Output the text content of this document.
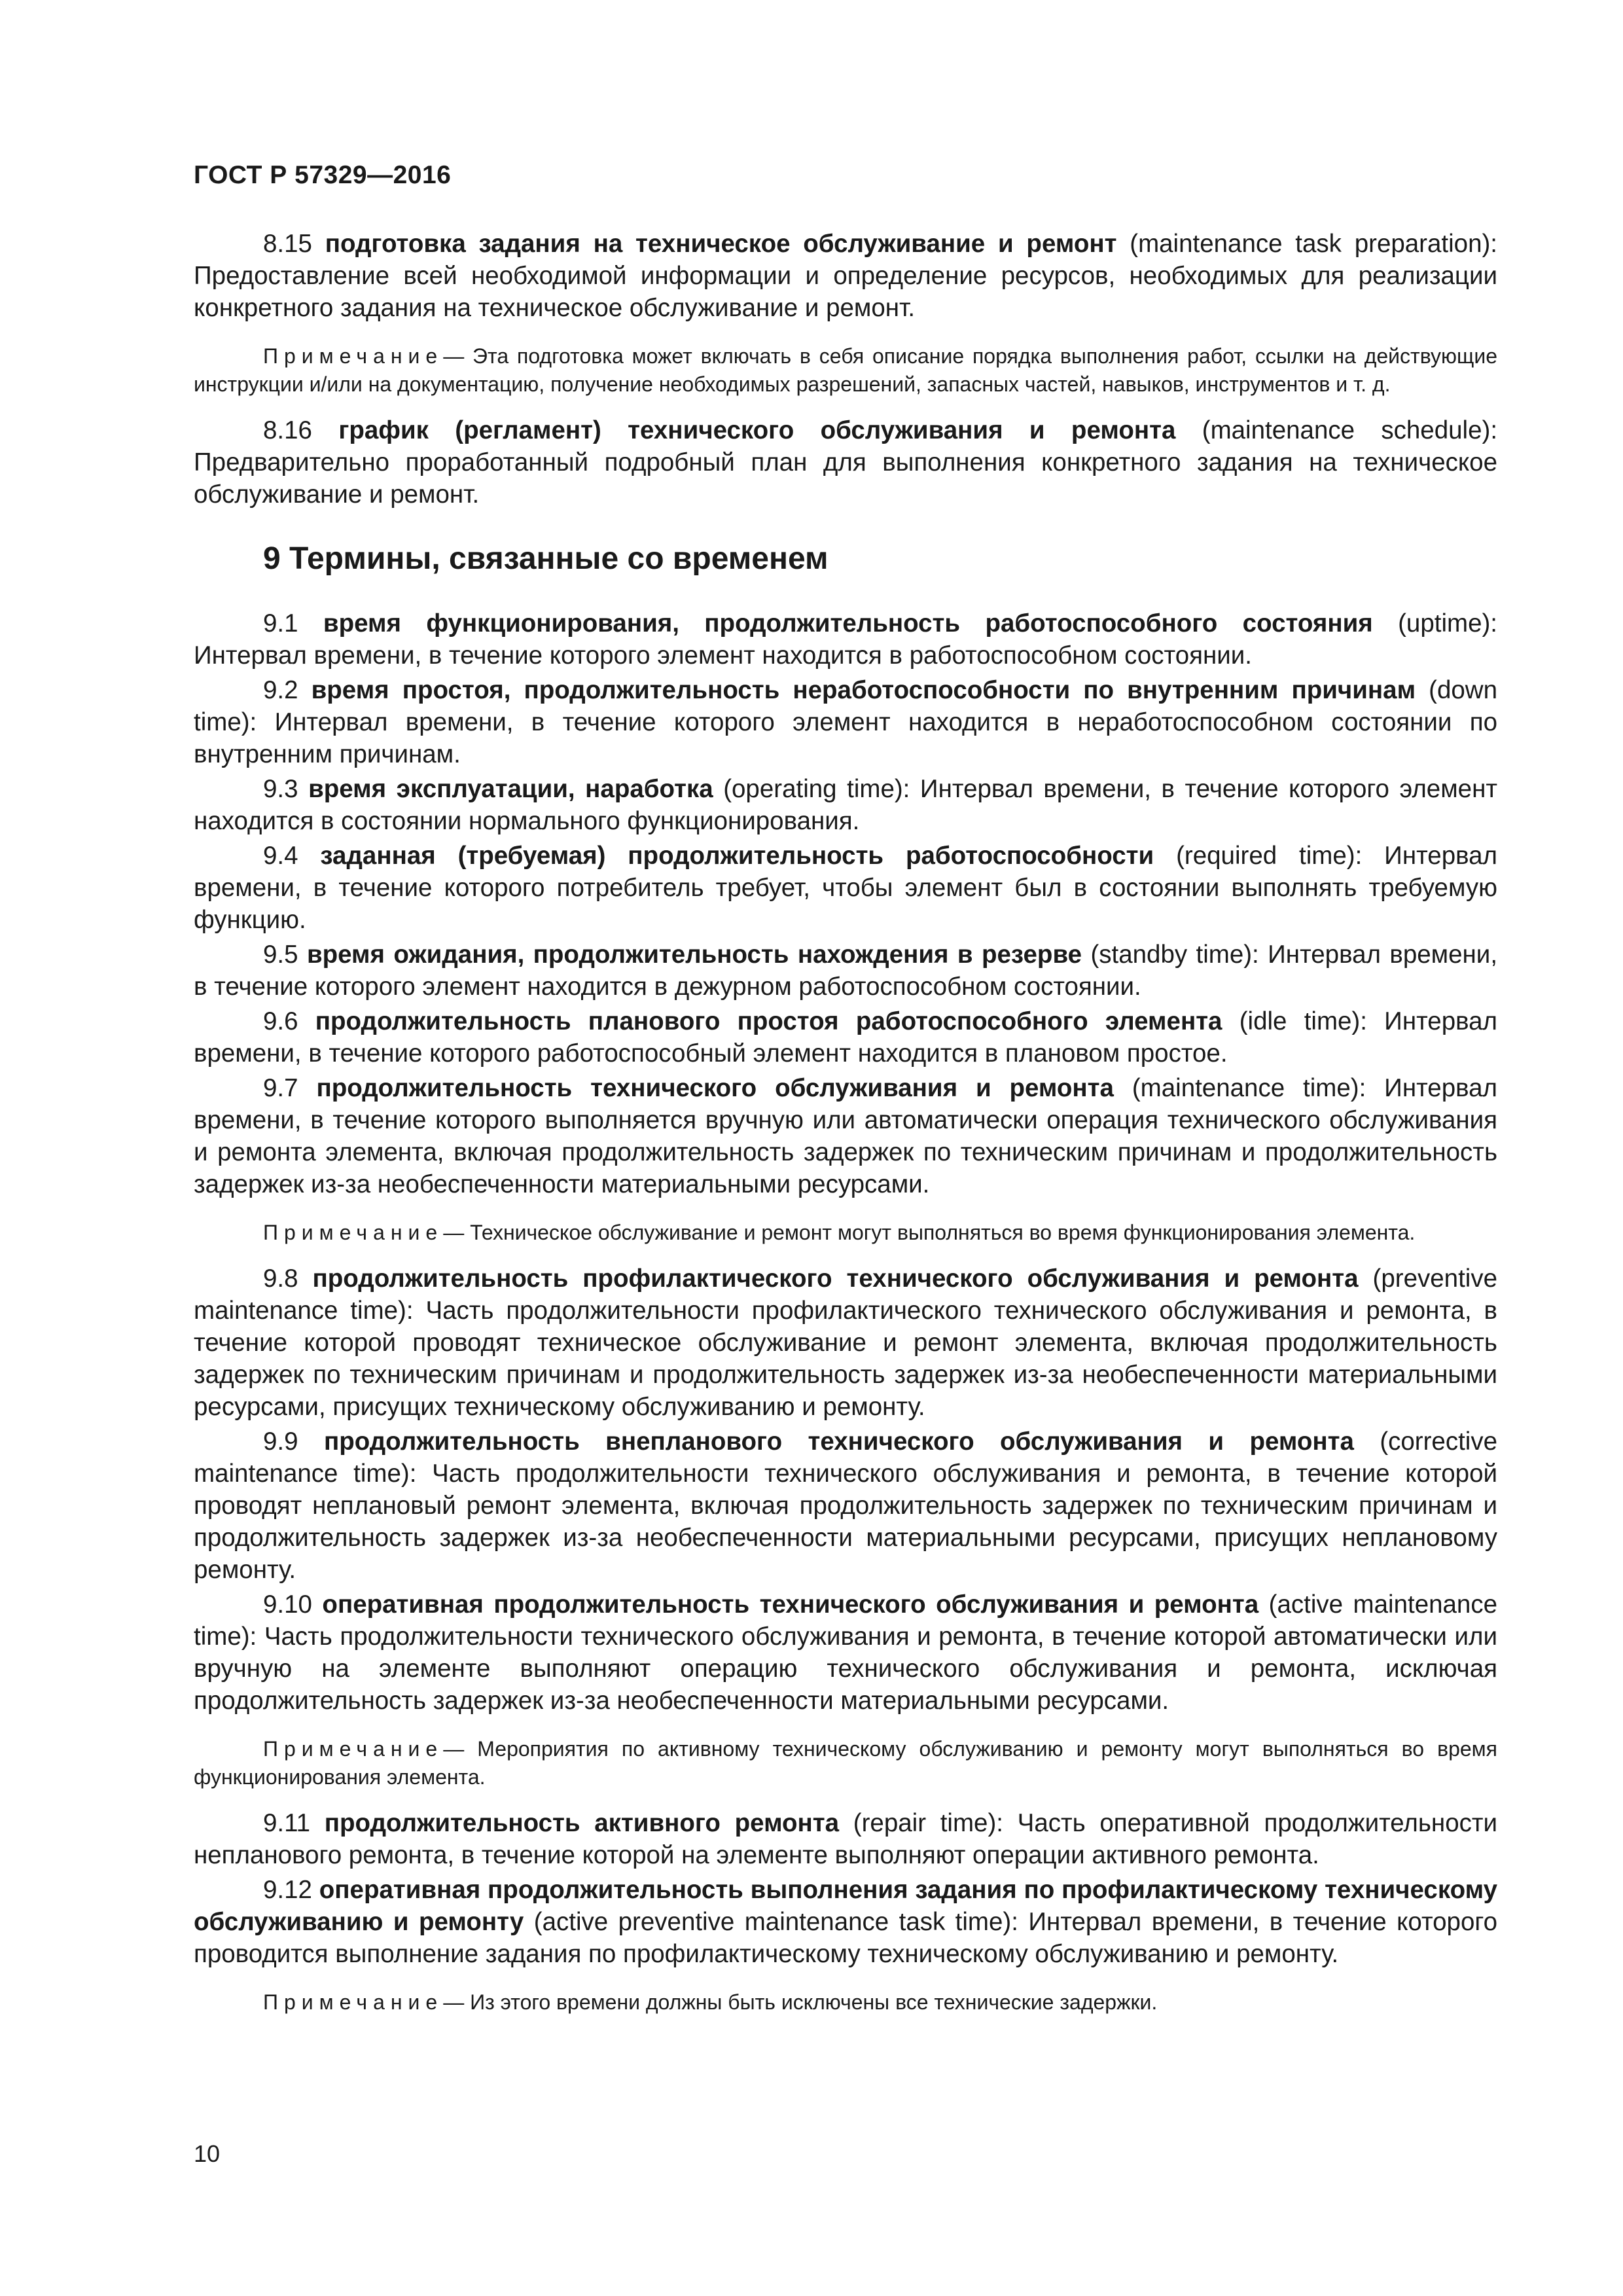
ГОСТ Р 57329—2016

8.15 подготовка задания на техническое обслуживание и ремонт (maintenance task preparation): Предоставление всей необходимой информации и определение ресурсов, необходимых для реализации конкретного задания на техническое обслуживание и ремонт.

Примечание— Эта подготовка может включать в себя описание порядка выполнения работ, ссылки на действующие инструкции и/или на документацию, получение необходимых разрешений, запасных частей, навыков, инструментов и т. д.

8.16 график (регламент) технического обслуживания и ремонта (maintenance schedule): Предварительно проработанный подробный план для выполнения конкретного задания на техническое обслуживание и ремонт.

9 Термины, связанные со временем

9.1 время функционирования, продолжительность работоспособного состояния (uptime): Интервал времени, в течение которого элемент находится в работоспособном состоянии.

9.2 время простоя, продолжительность неработоспособности по внутренним причинам (down time): Интервал времени, в течение которого элемент находится в неработоспособном состоянии по внутренним причинам.

9.3 время эксплуатации, наработка (operating time): Интервал времени, в течение которого элемент находится в состоянии нормального функционирования.

9.4 заданная (требуемая) продолжительность работоспособности (required time): Интервал времени, в течение которого потребитель требует, чтобы элемент был в состоянии выполнять требуемую функцию.

9.5 время ожидания, продолжительность нахождения в резерве (standby time): Интервал времени, в течение которого элемент находится в дежурном работоспособном состоянии.

9.6 продолжительность планового простоя работоспособного элемента (idle time): Интервал времени, в течение которого работоспособный элемент находится в плановом простое.

9.7 продолжительность технического обслуживания и ремонта (maintenance time): Интервал времени, в течение которого выполняется вручную или автоматически операция технического обслуживания и ремонта элемента, включая продолжительность задержек по техническим причинам и продолжительность задержек из-за необеспеченности материальными ресурсами.

Примечание— Техническое обслуживание и ремонт могут выполняться во время функционирования элемента.

9.8 продолжительность профилактического технического обслуживания и ремонта (preventive maintenance time): Часть продолжительности профилактического технического обслуживания и ремонта, в течение которой проводят техническое обслуживание и ремонт элемента, включая продолжительность задержек по техническим причинам и продолжительность задержек из-за необеспеченности материальными ресурсами, присущих техническому обслуживанию и ремонту.

9.9 продолжительность внепланового технического обслуживания и ремонта (corrective maintenance time): Часть продолжительности технического обслуживания и ремонта, в течение которой проводят неплановый ремонт элемента, включая продолжительность задержек по техническим причинам и продолжительность задержек из-за необеспеченности материальными ресурсами, присущих неплановому ремонту.

9.10 оперативная продолжительность технического обслуживания и ремонта (active maintenance time): Часть продолжительности технического обслуживания и ремонта, в течение которой автоматически или вручную на элементе выполняют операцию технического обслуживания и ремонта, исключая продолжительность задержек из-за необеспеченности материальными ресурсами.

Примечание— Мероприятия по активному техническому обслуживанию и ремонту могут выполняться во время функционирования элемента.

9.11 продолжительность активного ремонта (repair time): Часть оперативной продолжительности непланового ремонта, в течение которой на элементе выполняют операции активного ремонта.

9.12 оперативная продолжительность выполнения задания по профилактическому техническому обслуживанию и ремонту (active preventive maintenance task time): Интервал времени, в течение которого проводится выполнение задания по профилактическому техническому обслуживанию и ремонту.

Примечание— Из этого времени должны быть исключены все технические задержки.

10
